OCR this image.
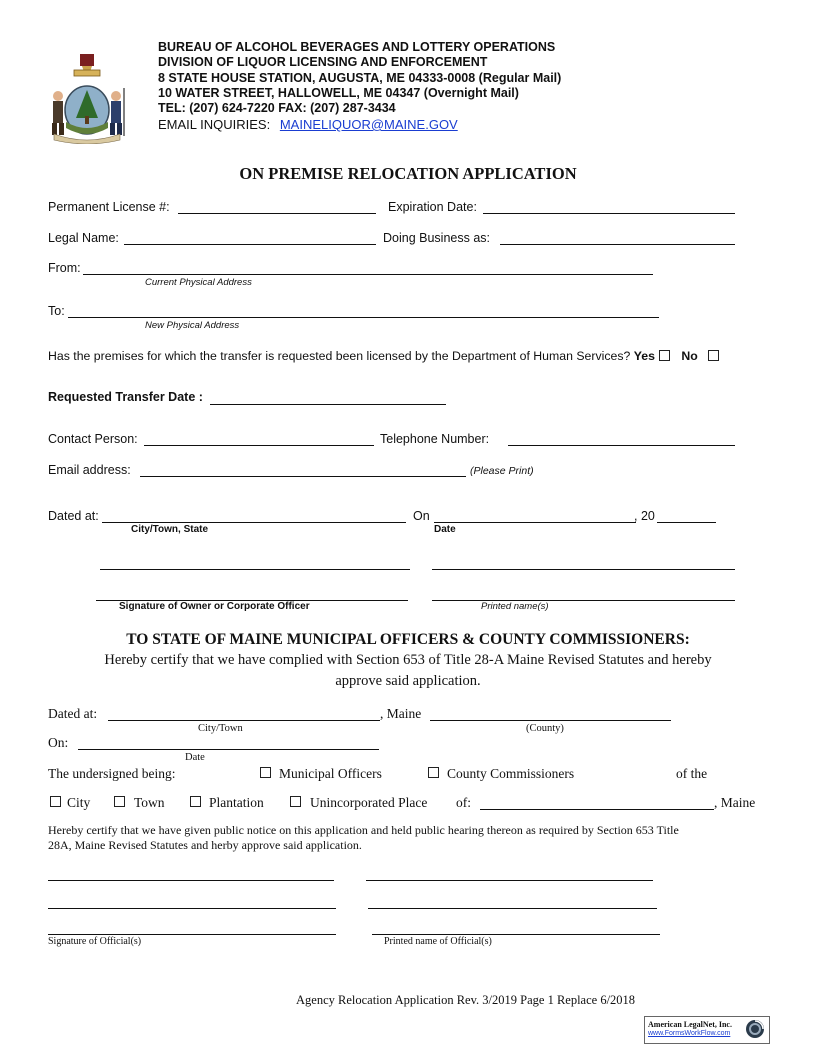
BUREAU OF ALCOHOL BEVERAGES AND LOTTERY OPERATIONS
DIVISION OF LIQUOR LICENSING AND ENFORCEMENT
8 STATE HOUSE STATION, AUGUSTA, ME 04333-0008 (Regular Mail)
10 WATER STREET, HALLOWELL, ME 04347 (Overnight Mail)
TEL: (207) 624-7220 FAX: (207) 287-3434
EMAIL INQUIRIES: MAINELIQUOR@MAINE.GOV
ON PREMISE RELOCATION APPLICATION
Permanent License #:	Expiration Date:
Legal Name:	Doing Business as:
From:
Current Physical Address
To:
New Physical Address
Has the premises for which the transfer is requested been licensed by the Department of Human Services? Yes No
Requested Transfer Date :
Contact Person:	Telephone Number:
Email address:	(Please Print)
Dated at:
City/Town, State
On
Date
, 20
Signature of Owner or Corporate Officer	Printed name(s)
TO STATE OF MAINE MUNICIPAL OFFICERS & COUNTY COMMISSIONERS:
Hereby certify that we have complied with Section 653 of Title 28-A Maine Revised Statutes and hereby
approve said application.
Dated at:	, Maine
City/Town	(County)
On:
Date
The undersigned being:	Municipal Officers	County Commissioners	of the
City	Town	Plantation	Unincorporated Place of:	, Maine
Hereby certify that we have given public notice on this application and held public hearing thereon as required by Section 653 Title
28A, Maine Revised Statutes and herby approve said application.
Signature of Official(s)	Printed name of Official(s)
Agency Relocation Application Rev. 3/2019 Page 1 Replace 6/2018
American LegalNet, Inc.
www.FormsWorkFlow.com
